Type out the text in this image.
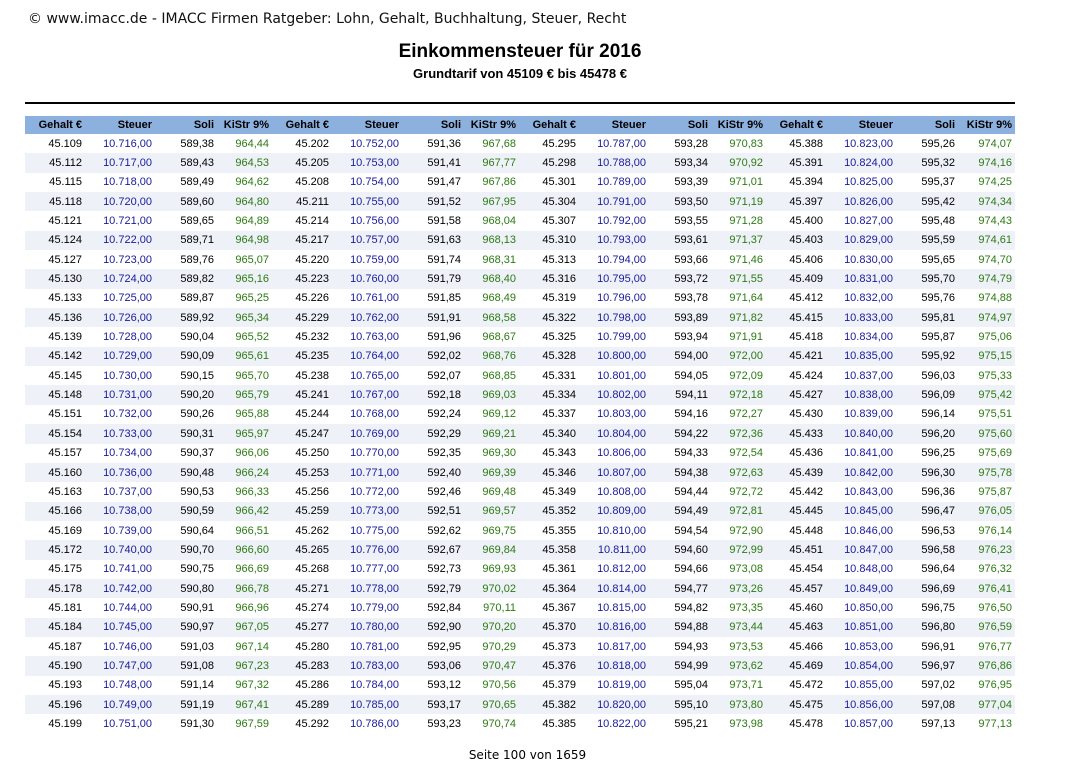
© www.imacc.de - IMACC Firmen Ratgeber: Lohn, Gehalt, Buchhaltung, Steuer, Recht
Einkommensteuer für 2016
Grundtarif von 45109 € bis 45478 €
Gehalt €	Steuer	Soli	KiStr 9%	Gehalt €	Steuer	Soli	KiStr 9%	Gehalt €	Steuer	Soli	KiStr 9%	Gehalt €	Steuer	Soli	KiStr 9%
45.109	10.716,00	589,38	964,44	45.202	10.752,00	591,36	967,68	45.295	10.787,00	593,28	970,83	45.388	10.823,00	595,26	974,07
45.112	10.717,00	589,43	964,53	45.205	10.753,00	591,41	967,77	45.298	10.788,00	593,34	970,92	45.391	10.824,00	595,32	974,16
45.115	10.718,00	589,49	964,62	45.208	10.754,00	591,47	967,86	45.301	10.789,00	593,39	971,01	45.394	10.825,00	595,37	974,25
45.118	10.720,00	589,60	964,80	45.211	10.755,00	591,52	967,95	45.304	10.791,00	593,50	971,19	45.397	10.826,00	595,42	974,34
45.121	10.721,00	589,65	964,89	45.214	10.756,00	591,58	968,04	45.307	10.792,00	593,55	971,28	45.400	10.827,00	595,48	974,43
45.124	10.722,00	589,71	964,98	45.217	10.757,00	591,63	968,13	45.310	10.793,00	593,61	971,37	45.403	10.829,00	595,59	974,61
45.127	10.723,00	589,76	965,07	45.220	10.759,00	591,74	968,31	45.313	10.794,00	593,66	971,46	45.406	10.830,00	595,65	974,70
45.130	10.724,00	589,82	965,16	45.223	10.760,00	591,79	968,40	45.316	10.795,00	593,72	971,55	45.409	10.831,00	595,70	974,79
45.133	10.725,00	589,87	965,25	45.226	10.761,00	591,85	968,49	45.319	10.796,00	593,78	971,64	45.412	10.832,00	595,76	974,88
45.136	10.726,00	589,92	965,34	45.229	10.762,00	591,91	968,58	45.322	10.798,00	593,89	971,82	45.415	10.833,00	595,81	974,97
45.139	10.728,00	590,04	965,52	45.232	10.763,00	591,96	968,67	45.325	10.799,00	593,94	971,91	45.418	10.834,00	595,87	975,06
45.142	10.729,00	590,09	965,61	45.235	10.764,00	592,02	968,76	45.328	10.800,00	594,00	972,00	45.421	10.835,00	595,92	975,15
45.145	10.730,00	590,15	965,70	45.238	10.765,00	592,07	968,85	45.331	10.801,00	594,05	972,09	45.424	10.837,00	596,03	975,33
45.148	10.731,00	590,20	965,79	45.241	10.767,00	592,18	969,03	45.334	10.802,00	594,11	972,18	45.427	10.838,00	596,09	975,42
45.151	10.732,00	590,26	965,88	45.244	10.768,00	592,24	969,12	45.337	10.803,00	594,16	972,27	45.430	10.839,00	596,14	975,51
45.154	10.733,00	590,31	965,97	45.247	10.769,00	592,29	969,21	45.340	10.804,00	594,22	972,36	45.433	10.840,00	596,20	975,60
45.157	10.734,00	590,37	966,06	45.250	10.770,00	592,35	969,30	45.343	10.806,00	594,33	972,54	45.436	10.841,00	596,25	975,69
45.160	10.736,00	590,48	966,24	45.253	10.771,00	592,40	969,39	45.346	10.807,00	594,38	972,63	45.439	10.842,00	596,30	975,78
45.163	10.737,00	590,53	966,33	45.256	10.772,00	592,46	969,48	45.349	10.808,00	594,44	972,72	45.442	10.843,00	596,36	975,87
45.166	10.738,00	590,59	966,42	45.259	10.773,00	592,51	969,57	45.352	10.809,00	594,49	972,81	45.445	10.845,00	596,47	976,05
45.169	10.739,00	590,64	966,51	45.262	10.775,00	592,62	969,75	45.355	10.810,00	594,54	972,90	45.448	10.846,00	596,53	976,14
45.172	10.740,00	590,70	966,60	45.265	10.776,00	592,67	969,84	45.358	10.811,00	594,60	972,99	45.451	10.847,00	596,58	976,23
45.175	10.741,00	590,75	966,69	45.268	10.777,00	592,73	969,93	45.361	10.812,00	594,66	973,08	45.454	10.848,00	596,64	976,32
45.178	10.742,00	590,80	966,78	45.271	10.778,00	592,79	970,02	45.364	10.814,00	594,77	973,26	45.457	10.849,00	596,69	976,41
45.181	10.744,00	590,91	966,96	45.274	10.779,00	592,84	970,11	45.367	10.815,00	594,82	973,35	45.460	10.850,00	596,75	976,50
45.184	10.745,00	590,97	967,05	45.277	10.780,00	592,90	970,20	45.370	10.816,00	594,88	973,44	45.463	10.851,00	596,80	976,59
45.187	10.746,00	591,03	967,14	45.280	10.781,00	592,95	970,29	45.373	10.817,00	594,93	973,53	45.466	10.853,00	596,91	976,77
45.190	10.747,00	591,08	967,23	45.283	10.783,00	593,06	970,47	45.376	10.818,00	594,99	973,62	45.469	10.854,00	596,97	976,86
45.193	10.748,00	591,14	967,32	45.286	10.784,00	593,12	970,56	45.379	10.819,00	595,04	973,71	45.472	10.855,00	597,02	976,95
45.196	10.749,00	591,19	967,41	45.289	10.785,00	593,17	970,65	45.382	10.820,00	595,10	973,80	45.475	10.856,00	597,08	977,04
45.199	10.751,00	591,30	967,59	45.292	10.786,00	593,23	970,74	45.385	10.822,00	595,21	973,98	45.478	10.857,00	597,13	977,13
Seite 100 von 1659
